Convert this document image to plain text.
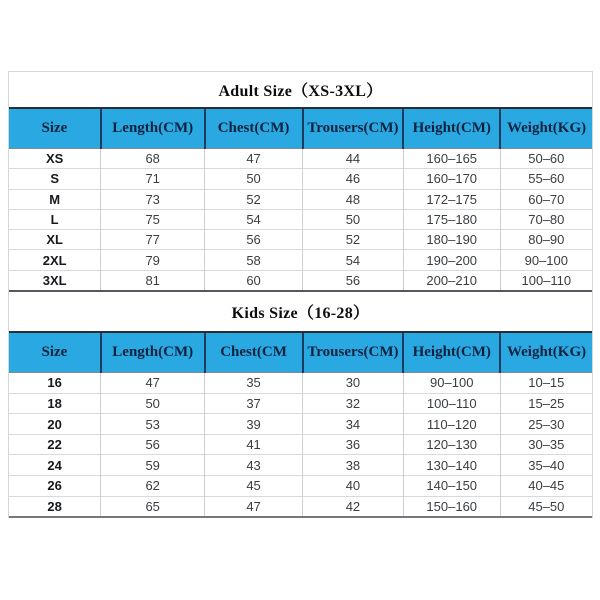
Adult Size（XS-3XL）
Size	Length(CM)	Chest(CM)	Trousers(CM)	Height(CM)	Weight(KG)
XS	68	47	44	160–165	50–60
S	71	50	46	160–170	55–60
M	73	52	48	172–175	60–70
L	75	54	50	175–180	70–80
XL	77	56	52	180–190	80–90
2XL	79	58	54	190–200	90–100
3XL	81	60	56	200–210	100–110
Kids Size（16-28）
Size	Length(CM)	Chest(CM	Trousers(CM)	Height(CM)	Weight(KG)
16	47	35	30	90–100	10–15
18	50	37	32	100–110	15–25
20	53	39	34	110–120	25–30
22	56	41	36	120–130	30–35
24	59	43	38	130–140	35–40
26	62	45	40	140–150	40–45
28	65	47	42	150–160	45–50
